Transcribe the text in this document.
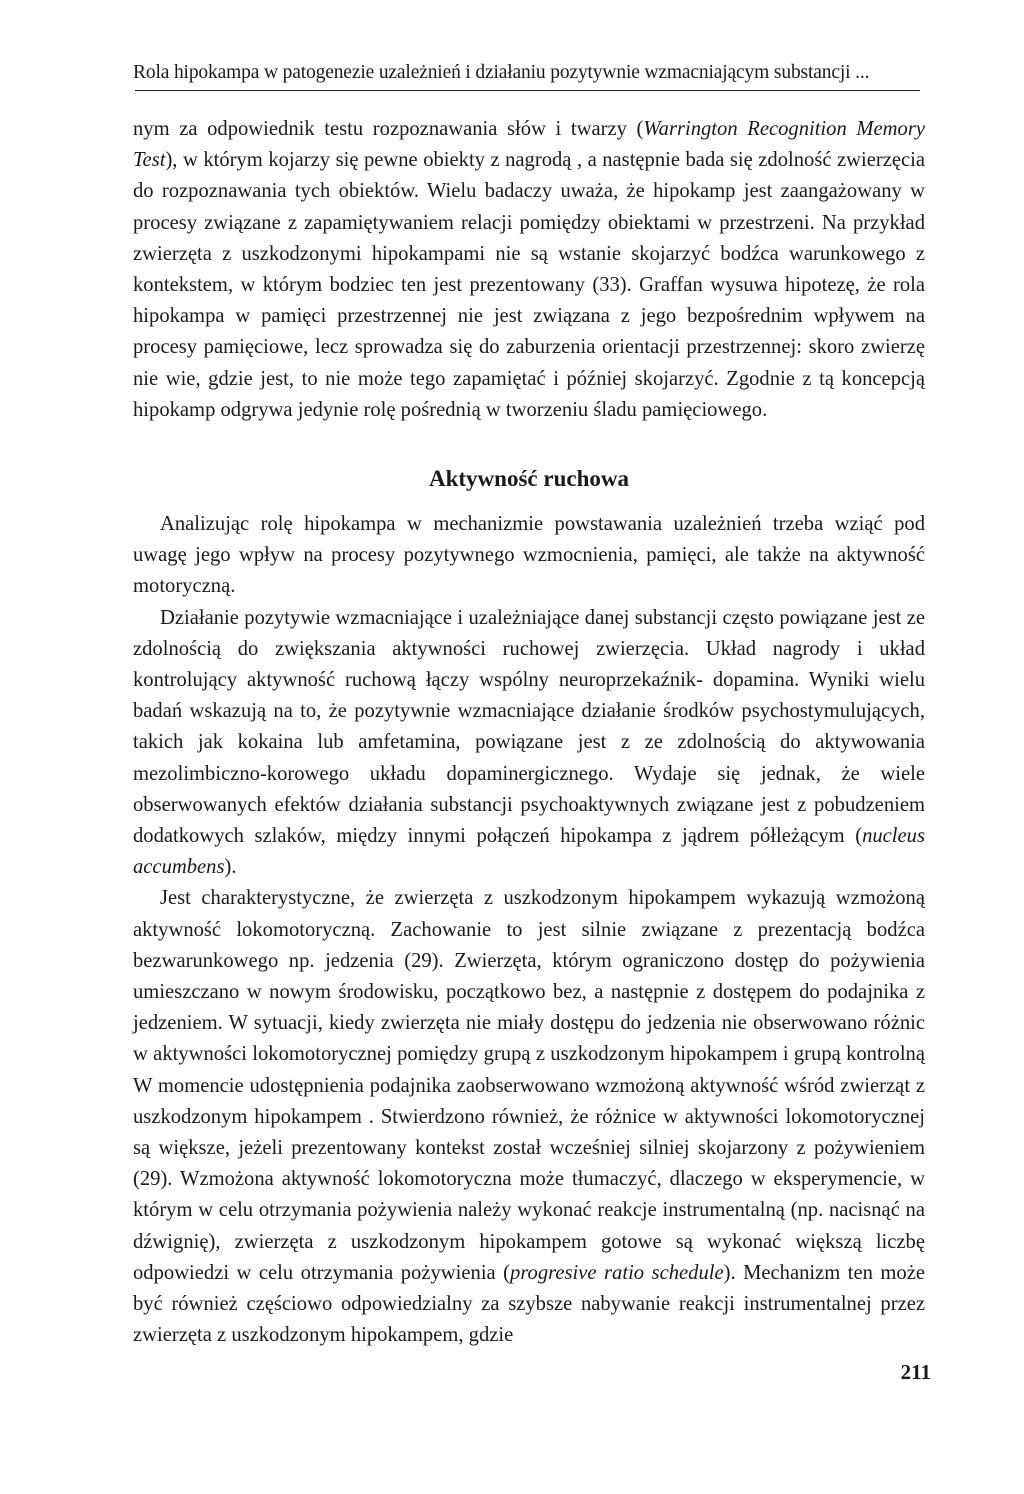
Rola hipokampa w patogenezie uzależnień i działaniu pozytywnie wzmacniającym substancji ...

nym za odpowiednik testu rozpoznawania słów i twarzy (Warrington Recognition Memory Test), w którym kojarzy się pewne obiekty z nagrodą , a następnie bada się zdolność zwierzęcia do rozpoznawania tych obiektów. Wielu badaczy uważa, że hipokamp jest zaangażowany w procesy związane z zapamiętywaniem relacji pomiędzy obiektami w przestrzeni. Na przykład zwierzęta z uszkodzonymi hipokampami nie są wstanie skojarzyć bodźca warunkowego z kontekstem, w którym bodziec ten jest prezentowany (33). Graffan wysuwa hipotezę, że rola hipokampa w pamięci przestrzennej nie jest związana z jego bezpośrednim wpływem na procesy pamięciowe, lecz sprowadza się do zaburzenia orientacji przestrzennej: skoro zwierzę nie wie, gdzie jest, to nie może tego zapamiętać i później skojarzyć. Zgodnie z tą koncepcją hipokamp odgrywa jedynie rolę pośrednią w tworzeniu śladu pamięciowego.

Aktywność ruchowa

Analizując rolę hipokampa w mechanizmie powstawania uzależnień trzeba wziąć pod uwagę jego wpływ na procesy pozytywnego wzmocnienia, pamięci, ale także na aktywność motoryczną.

Działanie pozytywie wzmacniające i uzależniające danej substancji często powiązane jest ze zdolnością do zwiększania aktywności ruchowej zwierzęcia. Układ nagrody i układ kontrolujący aktywność ruchową łączy wspólny neuroprzekaźnik- dopamina. Wyniki wielu badań wskazują na to, że pozytywnie wzmacniające działanie środków psychostymulujących, takich jak kokaina lub amfetamina, powiązane jest z ze zdolnością do aktywowania mezolimbiczno-korowego układu dopaminergicznego. Wydaje się jednak, że wiele obserwowanych efektów działania substancji psychoaktywnych związane jest z pobudzeniem dodatkowych szlaków, między innymi połączeń hipokampa z jądrem półleżącym (nucleus accumbens).

Jest charakterystyczne, że zwierzęta z uszkodzonym hipokampem wykazują wzmożoną aktywność lokomotoryczną. Zachowanie to jest silnie związane z prezentacją bodźca bezwarunkowego np. jedzenia (29). Zwierzęta, którym ograniczono dostęp do pożywienia umieszczano w nowym środowisku, początkowo bez, a następnie z dostępem do podajnika z jedzeniem. W sytuacji, kiedy zwierzęta nie miały dostępu do jedzenia nie obserwowano różnic w aktywności lokomotorycznej pomiędzy grupą z uszkodzonym hipokampem i grupą kontrolną W momencie udostępnienia podajnika zaobserwowano wzmożoną aktywność wśród zwierząt z uszkodzonym hipokampem . Stwierdzono również, że różnice w aktywności lokomotorycznej są większe, jeżeli prezentowany kontekst został wcześniej silniej skojarzony z pożywieniem (29). Wzmożona aktywność lokomotoryczna może tłumaczyć, dlaczego w eksperymencie, w którym w celu otrzymania pożywienia należy wykonać reakcje instrumentalną (np. nacisnąć na dźwignię), zwierzęta z uszkodzonym hipokampem gotowe są wykonać większą liczbę odpowiedzi w celu otrzymania pożywienia (progresive ratio schedule). Mechanizm ten może być również częściowo odpowiedzialny za szybsze nabywanie reakcji instrumentalnej przez zwierzęta z uszkodzonym hipokampem, gdzie

211
